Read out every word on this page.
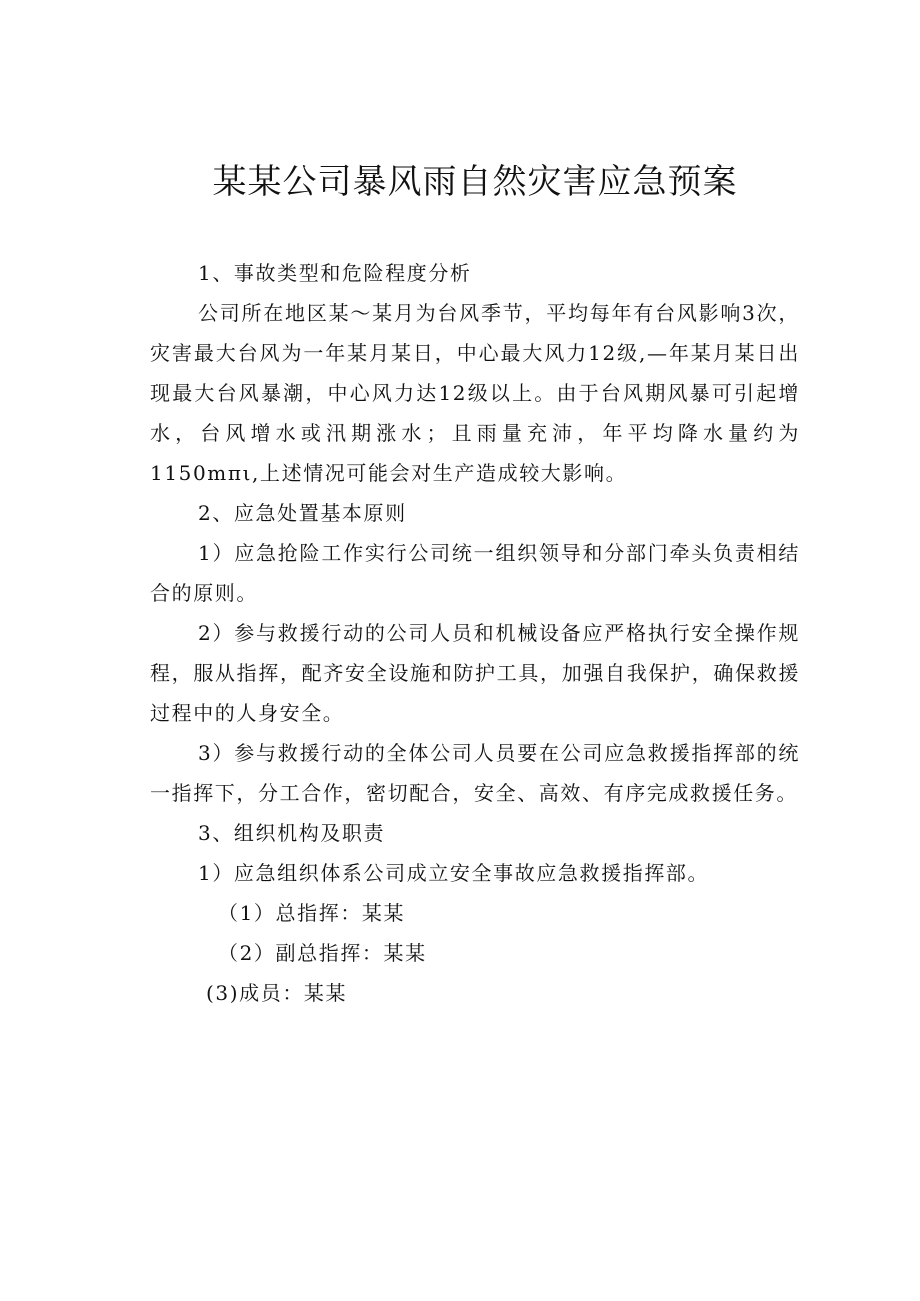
某某公司暴风雨自然灾害应急预案

1、事故类型和危险程度分析

公司所在地区某～某月为台风季节，平均每年有台风影响3次，灾害最大台风为一年某月某日，中心最大风力12级,—年某月某日出现最大台风暴潮，中心风力达12级以上。由于台风期风暴可引起增水，台风增水或汛期涨水；且雨量充沛，年平均降水量约为1150mπι,上述情况可能会对生产造成较大影响。

2、应急处置基本原则

1）应急抢险工作实行公司统一组织领导和分部门牵头负责相结合的原则。

2）参与救援行动的公司人员和机械设备应严格执行安全操作规程，服从指挥，配齐安全设施和防护工具，加强自我保护，确保救援过程中的人身安全。

3）参与救援行动的全体公司人员要在公司应急救援指挥部的统一指挥下，分工合作，密切配合，安全、高效、有序完成救援任务。

3、组织机构及职责

1）应急组织体系公司成立安全事故应急救援指挥部。

（1）总指挥：某某

（2）副总指挥：某某

(3)成员：某某
